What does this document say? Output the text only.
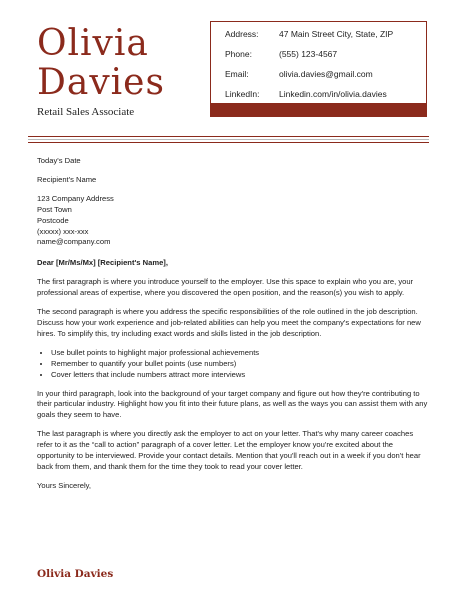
Olivia
Davies
Retail Sales Associate
Address: 47 Main Street City, State, ZIP
Phone:	(555) 123-4567
Email:	olivia.davies@gmail.com
LinkedIn: Linkedin.com/in/olivia.davies

Today's Date

Recipient's Name

123 Company Address

Post Town

Postcode

(xxxxx) xxx-xxx

name@company.com

Dear [Mr/Ms/Mx] [Recipient's Name],

The first paragraph is where you introduce yourself to the employer. Use this space to explain who you are, your professional areas of expertise, where you discovered the open position, and the reason(s) you wish to apply.

The second paragraph is where you address the specific responsibilities of the role outlined in the job description. Discuss how your work experience and job-related abilities can help you meet the company's expectations for new hires. To simplify this, try including exact words and skills listed in the job description.

• Use bullet points to highlight major professional achievements
• Remember to quantify your bullet points (use numbers)
• Cover letters that include numbers attract more interviews

In your third paragraph, look into the background of your target company and figure out how they're contributing to their particular industry. Highlight how you fit into their future plans, as well as the ways you can assist them with any goals they seem to have.

The last paragraph is where you directly ask the employer to act on your letter. That's why many career coaches refer to it as the “call to action” paragraph of a cover letter. Let the employer know you're excited about the opportunity to be interviewed. Provide your contact details. Mention that you'll reach out in a week if you don't hear back from them, and thank them for the time they took to read your cover letter.

Yours Sincerely,

Olivia Davies
